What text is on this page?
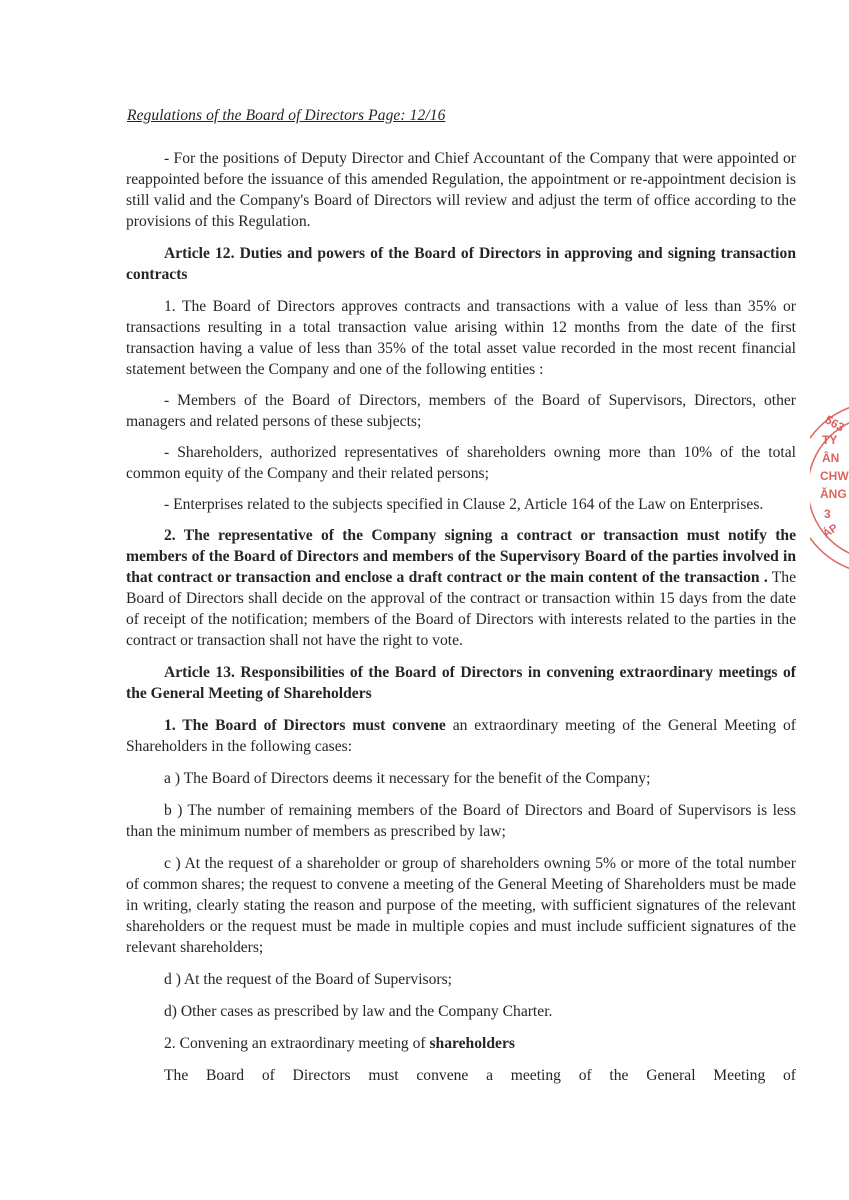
Regulations of the Board of Directors Page: 12/16

- For the positions of Deputy Director and Chief Accountant of the Company that were appointed or reappointed before the issuance of this amended Regulation, the appointment or re-appointment decision is still valid and the Company's Board of Directors will review and adjust the term of office according to the provisions of this Regulation.

Article 12. Duties and powers of the Board of Directors in approving and signing transaction contracts

1. The Board of Directors approves contracts and transactions with a value of less than 35% or transactions resulting in a total transaction value arising within 12 months from the date of the first transaction having a value of less than 35% of the total asset value recorded in the most recent financial statement between the Company and one of the following entities :

- Members of the Board of Directors, members of the Board of Supervisors, Directors, other managers and related persons of these subjects;

- Shareholders, authorized representatives of shareholders owning more than 10% of the total common equity of the Company and their related persons;

- Enterprises related to the subjects specified in Clause 2, Article 164 of the Law on Enterprises.

2. The representative of the Company signing a contract or transaction must notify the members of the Board of Directors and members of the Supervisory Board of the parties involved in that contract or transaction and enclose a draft contract or the main content of the transaction . The Board of Directors shall decide on the approval of the contract or transaction within 15 days from the date of receipt of the notification; members of the Board of Directors with interests related to the parties in the contract or transaction shall not have the right to vote.

Article 13. Responsibilities of the Board of Directors in convening extraordinary meetings of the General Meeting of Shareholders

1. The Board of Directors must convene an extraordinary meeting of the General Meeting of Shareholders in the following cases:

a ) The Board of Directors deems it necessary for the benefit of the Company;

b ) The number of remaining members of the Board of Directors and Board of Supervisors is less than the minimum number of members as prescribed by law;

c ) At the request of a shareholder or group of shareholders owning 5% or more of the total number of common shares; the request to convene a meeting of the General Meeting of Shareholders must be made in writing, clearly stating the reason and purpose of the meeting, with sufficient signatures of the relevant shareholders or the request must be made in multiple copies and must include sufficient signatures of the relevant shareholders;

d ) At the request of the Board of Supervisors;

d) Other cases as prescribed by law and the Company Charter.

2. Convening an extraordinary meeting of shareholders

The Board of Directors must convene a meeting of the General Meeting of

563
TY
ÂN
CHW
ĂNG
3
ÁP
